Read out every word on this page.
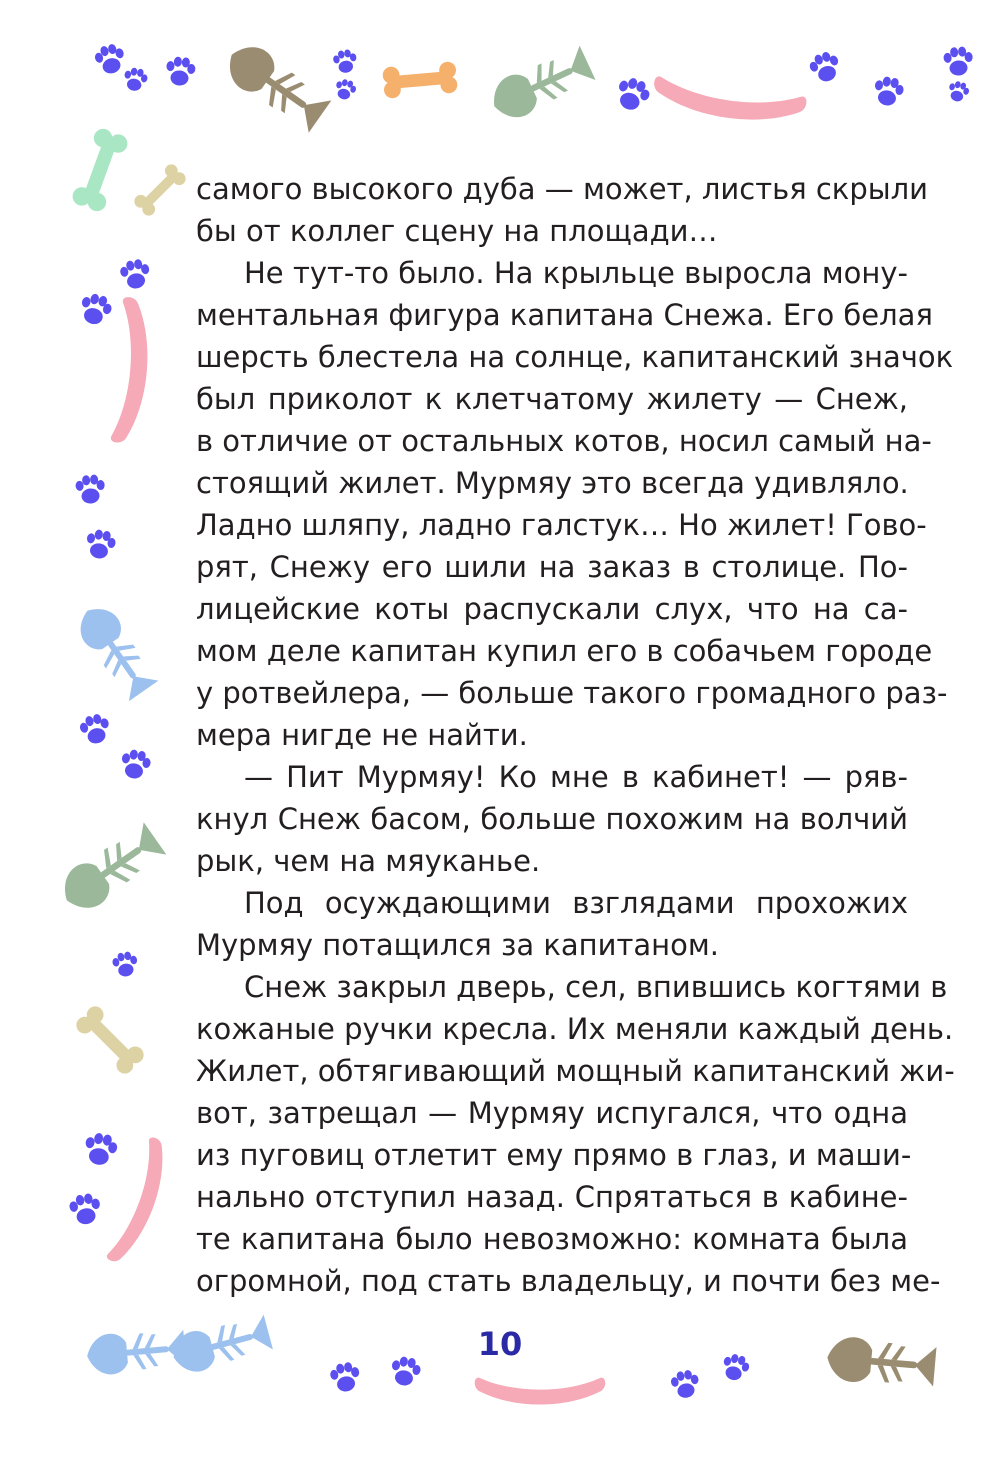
самого высокого дуба — может, листья скрыли
бы от коллег сцену на площади…
Не тут-то было. На крыльце выросла мону-
ментальная фигура капитана Снежа. Его белая
шерсть блестела на солнце, капитанский значок
был приколот к клетчатому жилету — Снеж,
в отличие от остальных котов, носил самый на-
стоящий жилет. Мурмяу это всегда удивляло.
Ладно шляпу, ладно галстук… Но жилет! Гово-
рят, Снежу его шили на заказ в столице. По-
лицейские коты распускали слух, что на са-
мом деле капитан купил его в собачьем городе
у ротвейлера, — больше такого громадного раз-
мера нигде не найти.
— Пит Мурмяу! Ко мне в кабинет! — ряв-
кнул Снеж басом, больше похожим на волчий
рык, чем на мяуканье.
Под осуждающими взглядами прохожих
Мурмяу потащился за капитаном.
Снеж закрыл дверь, сел, впившись когтями в
кожаные ручки кресла. Их меняли каждый день.
Жилет, обтягивающий мощный капитанский жи-
вот, затрещал — Мурмяу испугался, что одна
из пуговиц отлетит ему прямо в глаз, и маши-
нально отступил назад. Спрятаться в кабине-
те капитана было невозможно: комната была
огромной, под стать владельцу, и почти без ме-
10
